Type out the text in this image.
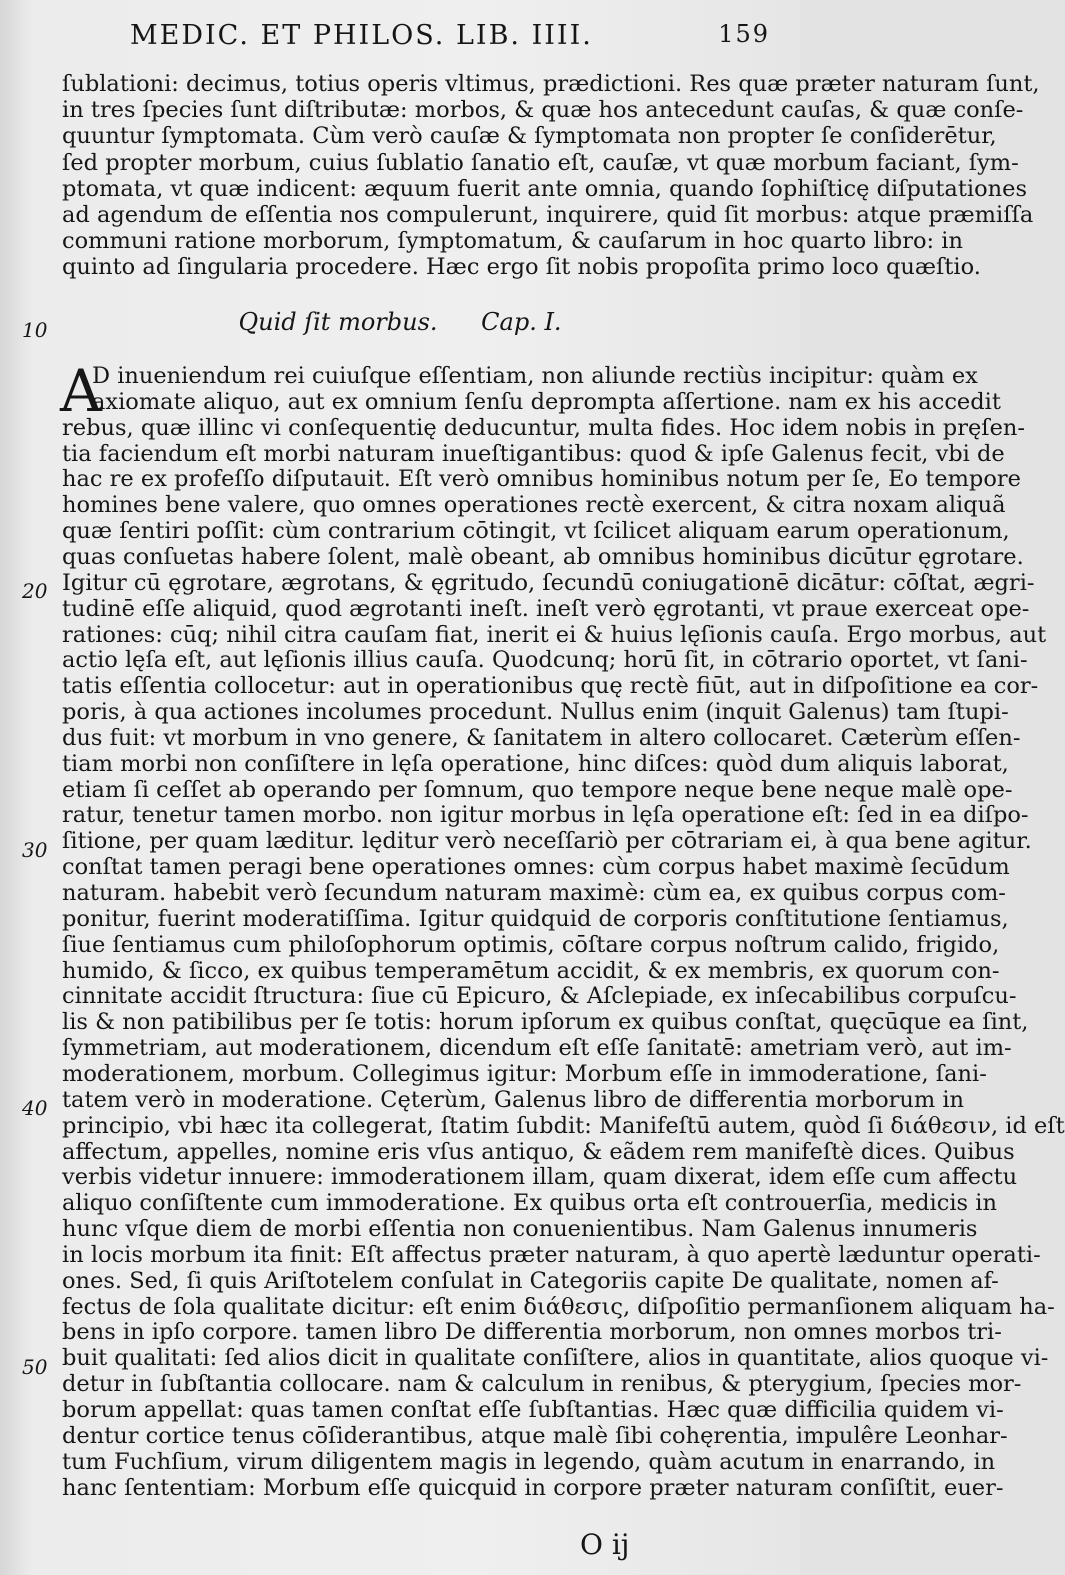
MEDIC. ET PHILOS. LIB. IIII.	159
ſublationi: decimus, totius operis vltimus, prædictioni. Res quæ præter naturam ſunt,
in tres ſpecies ſunt diſtributæ: morbos, & quæ hos antecedunt cauſas, & quæ conſe-
quuntur ſymptomata. Cùm verò cauſæ & ſymptomata non propter ſe conſiderētur,
ſed propter morbum, cuius ſublatio ſanatio eſt, cauſæ, vt quæ morbum faciant, ſym-
ptomata, vt quæ indicent: æquum fuerit ante omnia, quando ſophiſticę diſputationes
ad agendum de eſſentia nos compulerunt, inquirere, quid ſit morbus: atque præmiſſa
communi ratione morborum, ſymptomatum, & cauſarum in hoc quarto libro: in
quinto ad ſingularia procedere. Hæc ergo ſit nobis propoſita primo loco quæſtio.
10	Quid ſit morbus. Cap. I.
A
D inueniendum rei cuiuſque eſſentiam, non aliunde rectiùs incipitur: quàm ex
axiomate aliquo, aut ex omnium ſenſu deprompta aſſertione. nam ex his accedit
rebus, quæ illinc vi conſequentię deducuntur, multa fides. Hoc idem nobis in pręſen-
tia faciendum eſt morbi naturam inueſtigantibus: quod & ipſe Galenus fecit, vbi de
hac re ex profeſſo diſputauit. Eſt verò omnibus hominibus notum per ſe, Eo tempore
homines bene valere, quo omnes operationes rectè exercent, & citra noxam aliquã
quæ ſentiri poſſit: cùm contrarium cōtingit, vt ſcilicet aliquam earum operationum,
quas conſuetas habere ſolent, malè obeant, ab omnibus hominibus dicūtur ęgrotare.
Igitur cū ęgrotare, ægrotans, & ęgritudo, ſecundū coniugationē dicātur: cōſtat, ægri-
tudinē eſſe aliquid, quod ægrotanti ineſt. ineſt verò ęgrotanti, vt praue exerceat ope-
rationes: cūq; nihil citra cauſam fiat, inerit ei & huius lęſionis cauſa. Ergo morbus, aut
actio lęſa eſt, aut lęſionis illius cauſa. Quodcunq; horū ſit, in cōtrario oportet, vt ſani-
tatis eſſentia collocetur: aut in operationibus quę rectè fiūt, aut in diſpoſitione ea cor-
poris, à qua actiones incolumes procedunt. Nullus enim (inquit Galenus) tam ſtupi-
dus fuit: vt morbum in vno genere, & ſanitatem in altero collocaret. Cæterùm eſſen-
tiam morbi non conſiſtere in lęſa operatione, hinc diſces: quòd dum aliquis laborat,
etiam ſi ceſſet ab operando per ſomnum, quo tempore neque bene neque malè ope-
ratur, tenetur tamen morbo. non igitur morbus in lęſa operatione eſt: ſed in ea diſpo-
ſitione, per quam læditur. lęditur verò neceſſariò per cōtrariam ei, à qua bene agitur.
conſtat tamen peragi bene operationes omnes: cùm corpus habet maximè ſecūdum
naturam. habebit verò ſecundum naturam maximè: cùm ea, ex quibus corpus com-
ponitur, fuerint moderatiſſima. Igitur quidquid de corporis conſtitutione ſentiamus,
ſiue ſentiamus cum philoſophorum optimis, cōſtare corpus noſtrum calido, frigido,
humido, & ſicco, ex quibus temperamētum accidit, & ex membris, ex quorum con-
cinnitate accidit ſtructura: ſiue cū Epicuro, & Aſclepiade, ex inſecabilibus corpuſcu-
lis & non patibilibus per ſe totis: horum ipſorum ex quibus conſtat, quęcūque ea ſint,
ſymmetriam, aut moderationem, dicendum eſt eſſe ſanitatē: ametriam verò, aut im-
moderationem, morbum. Collegimus igitur: Morbum eſſe in immoderatione, ſani-
tatem verò in moderatione. Cęterùm, Galenus libro de differentia morborum in
principio, vbi hæc ita collegerat, ſtatim ſubdit: Manifeſtū autem, quòd ſi διάθεσιν, id eſt
affectum, appelles, nomine eris vſus antiquo, & eãdem rem manifeſtè dices. Quibus
verbis videtur innuere: immoderationem illam, quam dixerat, idem eſſe cum affectu
aliquo conſiſtente cum immoderatione. Ex quibus orta eſt controuerſia, medicis in
hunc vſque diem de morbi eſſentia non conuenientibus. Nam Galenus innumeris
in locis morbum ita finit: Eſt affectus præter naturam, à quo apertè læduntur operati-
ones. Sed, ſi quis Ariſtotelem conſulat in Categoriis capite De qualitate, nomen af-
fectus de ſola qualitate dicitur: eſt enim διάθεσις, diſpoſitio permanſionem aliquam ha-
bens in ipſo corpore. tamen libro De differentia morborum, non omnes morbos tri-
buit qualitati: ſed alios dicit in qualitate conſiſtere, alios in quantitate, alios quoque vi-
detur in ſubſtantia collocare. nam & calculum in renibus, & pterygium, ſpecies mor-
borum appellat: quas tamen conſtat eſſe ſubſtantias. Hæc quæ difficilia quidem vi-
dentur cortice tenus cōſiderantibus, atque malè ſibi cohęrentia, impulêre Leonhar-
tum Fuchſium, virum diligentem magis in legendo, quàm acutum in enarrando, in
hanc ſententiam: Morbum eſſe quicquid in corpore præter naturam conſiſtit, euer-
20
30
40
50
O ij
